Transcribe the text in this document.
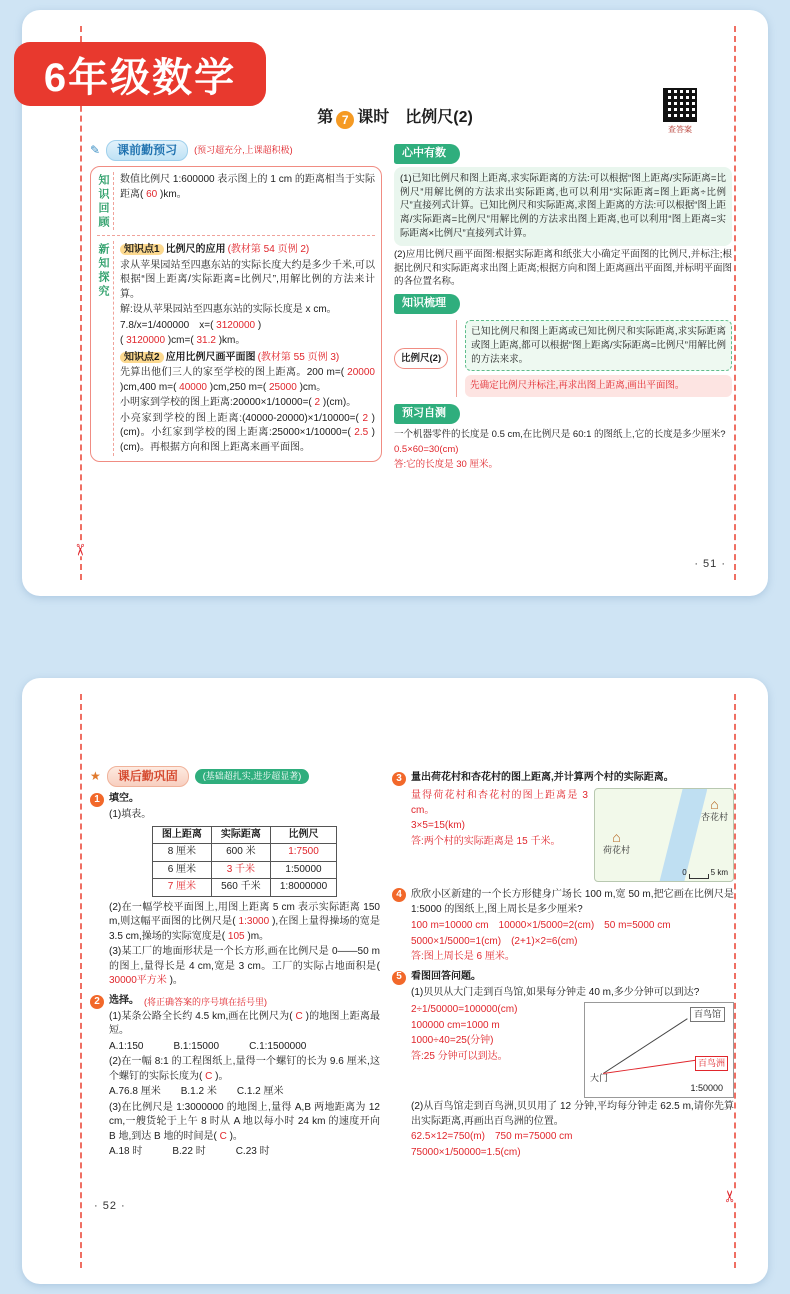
6年级数学
✂
第 7 课时 比例尺(2)
查答案
✎	课前勤预习	(预习超充分,上课超积极)
知识回顾	数值比例尺 1:600000 表示图上的 1 cm 的距离相当于实际距离( 60 )km。

新知探究	知识点1 比例尺的应用 (教材第 54 页例 2)

求从苹果园站至四惠东站的实际长度大约是多少千米,可以根据“图上距离/实际距离=比例尺”,用解比例的方法来计算。

解:设从苹果园站至四惠东站的实际长度是 x cm。

7.8/x=1/400000　x=( 3120000 )

( 3120000 )cm=( 31.2 )km。

知识点2 应用比例尺画平面图 (教材第 55 页例 3)

先算出他们三人的家至学校的图上距离。200 m=( 20000 )cm,400 m=( 40000 )cm,250 m=( 25000 )cm。

小明家到学校的图上距离:20000×1/10000=( 2 )(cm)。

小亮家到学校的图上距离:(40000-20000)×1/10000=( 2 )(cm)。小红家到学校的图上距离:25000×1/10000=( 2.5 )(cm)。再根据方向和图上距离来画平面图。

心中有数

(1)已知比例尺和图上距离,求实际距离的方法:可以根据“图上距离/实际距离=比例尺”用解比例的方法求出实际距离,也可以利用“实际距离=图上距离÷比例尺”直接列式计算。已知比例尺和实际距离,求图上距离的方法:可以根据“图上距离/实际距离=比例尺”用解比例的方法求出图上距离,也可以利用“图上距离=实际距离×比例尺”直接列式计算。

(2)应用比例尺画平面图:根据实际距离和纸张大小确定平面图的比例尺,并标注;根据比例尺和实际距离求出图上距离;根据方向和图上距离画出平面图,并标明平面图的各位置名称。

知识梳理
比例尺(2)

已知比例尺和图上距离或已知比例尺和实际距离,求实际距离或图上距离,都可以根据“图上距离/实际距离=比例尺”用解比例的方法来求。

先确定比例尺并标注,再求出图上距离,画出平面图。

预习自测

一个机器零件的长度是 0.5 cm,在比例尺是 60:1 的图纸上,它的长度是多少厘米?

0.5×60=30(cm)

答:它的长度是 30 厘米。

· 51 ·
✂
★	课后勤巩固	(基础超扎实,进步超显著)
1 填空。
(1)填表。
图上距离	实际距离	比例尺
8 厘米	600 米	1:7500
6 厘米	3 千米	1:50000
7 厘米	560 千米	1:8000000

(2)在一幅学校平面图上,用图上距离 5 cm 表示实际距离 150 m,则这幅平面图的比例尺是( 1:3000 ),在图上量得操场的宽是 3.5 cm,操场的实际宽度是( 105 )m。

(3)某工厂的地面形状是一个长方形,画在比例尺是 0——50 m 的图上,量得长是 4 cm,宽是 3 cm。工厂的实际占地面积是( 30000平方米 )。

2 选择。 (将正确答案的序号填在括号里)

(1)某条公路全长约 4.5 km,画在比例尺为( C )的地图上距离最短。

A.1:150　　　B.1:15000　　　C.1:1500000

(2)在一幅 8:1 的工程图纸上,量得一个螺钉的长为 9.6 厘米,这个螺钉的实际长度为( C )。

A.76.8 厘米　　B.1.2 米　　C.1.2 厘米

(3)在比例尺是 1:3000000 的地图上,量得 A,B 两地距离为 12 cm,一艘货轮于上午 8 时从 A 地以每小时 24 km 的速度开向 B 地,到达 B 地的时间是( C )。

A.18 时　　　B.22 时　　　C.23 时

3 量出荷花村和杏花村的图上距离,并计算两个村的实际距离。

量得荷花村和杏花村的图上距离是 3 cm。

3×5=15(km)

答:两个村的实际距离是 15 千米。

⌂
杏花村
⌂
荷花村
0	5 km
4 欣欣小区新建的一个长方形健身广场长 100 m,宽 50 m,把它画在比例尺是 1:5000 的图纸上,图上周长是多少厘米?

100 m=10000 cm　10000×1/5000=2(cm)　50 m=5000 cm

5000×1/5000=1(cm)　(2+1)×2=6(cm)

答:图上周长是 6 厘米。

5 看图回答问题。

(1)贝贝从大门走到百鸟馆,如果每分钟走 40 m,多少分钟可以到达?

2÷1/50000=100000(cm)

100000 cm=1000 m

1000÷40=25(分钟)

答:25 分钟可以到达。

百鸟馆
大门
百鸟洲
1:50000

(2)从百鸟馆走到百鸟洲,贝贝用了 12 分钟,平均每分钟走 62.5 m,请你先算出实际距离,再画出百鸟洲的位置。

62.5×12=750(m)　750 m=75000 cm

75000×1/50000=1.5(cm)

· 52 ·
